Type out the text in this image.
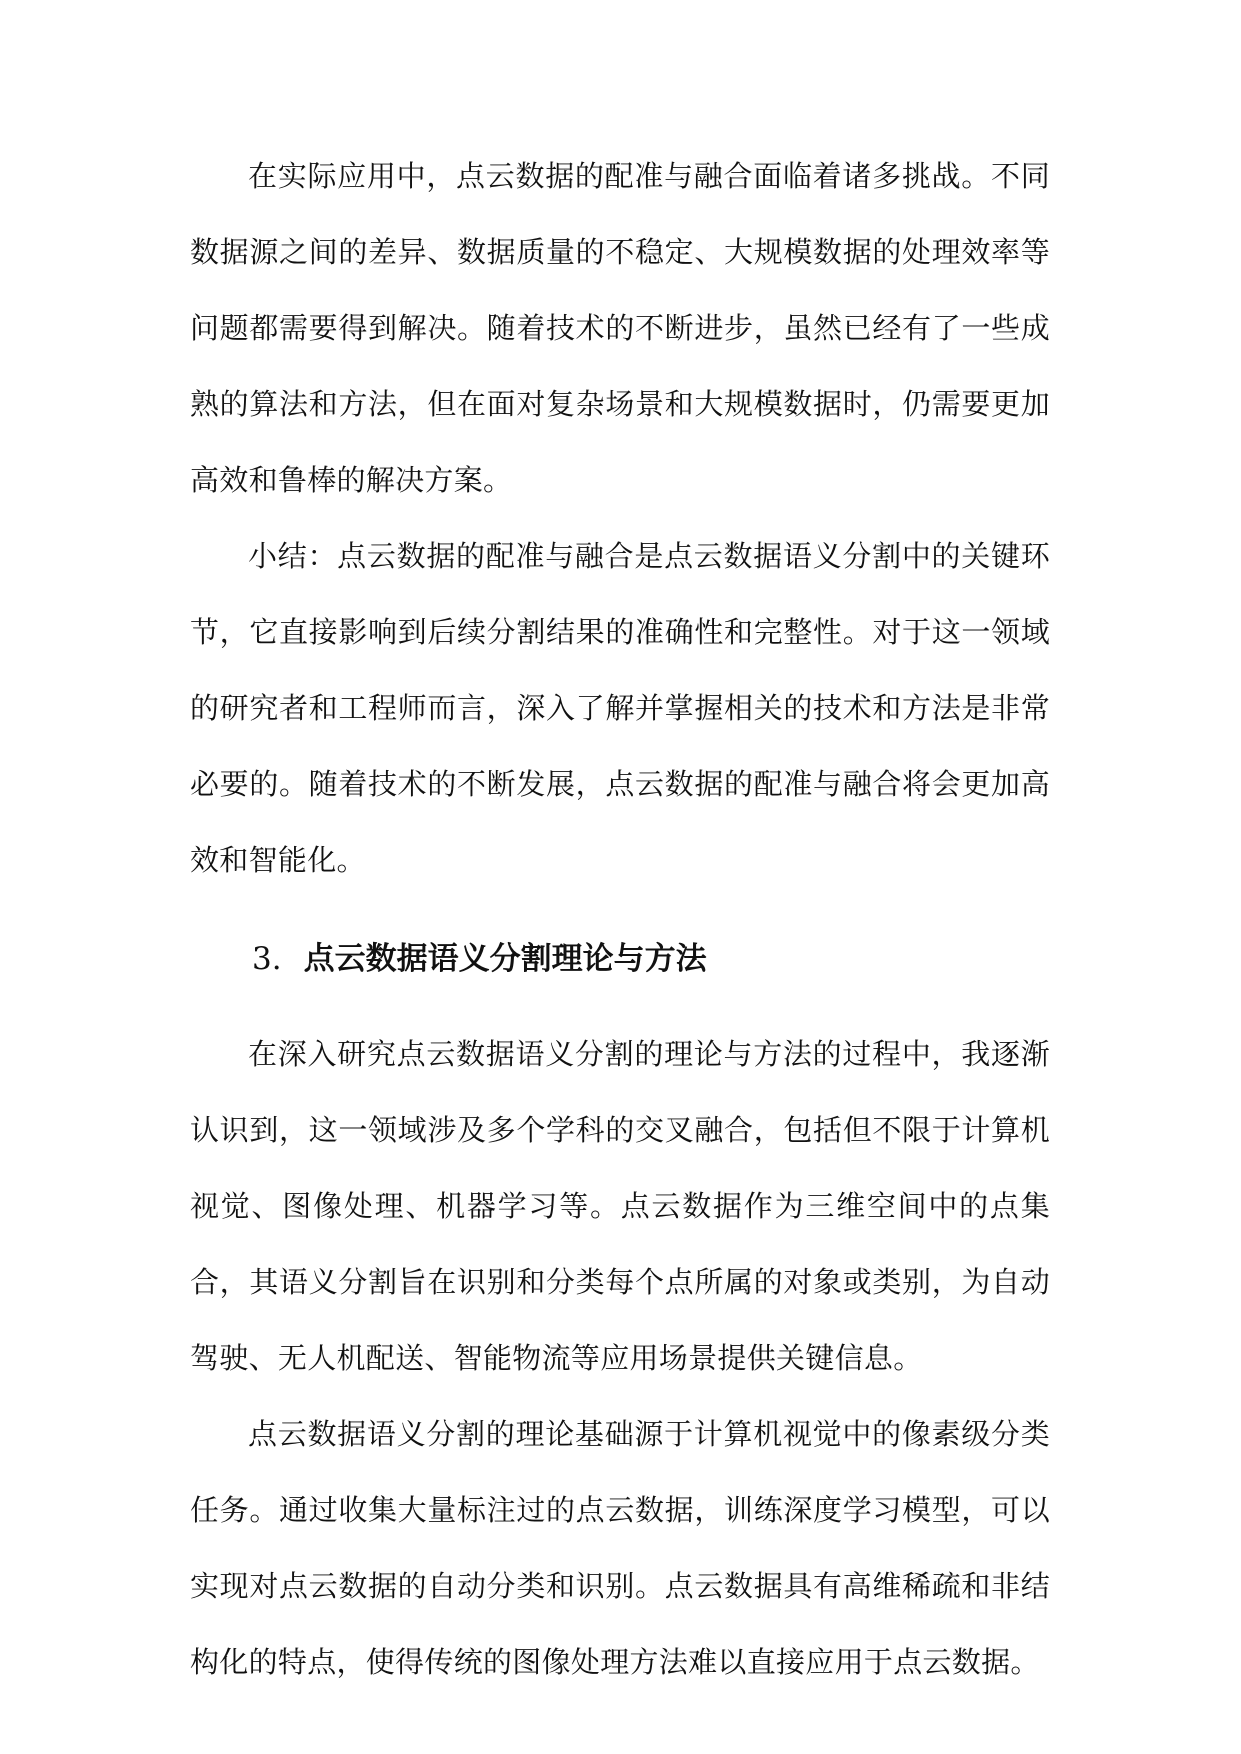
在实际应用中，点云数据的配准与融合面临着诸多挑战。不同数据源之间的差异、数据质量的不稳定、大规模数据的处理效率等问题都需要得到解决。随着技术的不断进步，虽然已经有了一些成熟的算法和方法，但在面对复杂场景和大规模数据时，仍需要更加高效和鲁棒的解决方案。

小结：点云数据的配准与融合是点云数据语义分割中的关键环节，它直接影响到后续分割结果的准确性和完整性。对于这一领域的研究者和工程师而言，深入了解并掌握相关的技术和方法是非常必要的。随着技术的不断发展，点云数据的配准与融合将会更加高效和智能化。

3. 点云数据语义分割理论与方法

在深入研究点云数据语义分割的理论与方法的过程中，我逐渐认识到，这一领域涉及多个学科的交叉融合，包括但不限于计算机视觉、图像处理、机器学习等。点云数据作为三维空间中的点集合，其语义分割旨在识别和分类每个点所属的对象或类别，为自动驾驶、无人机配送、智能物流等应用场景提供关键信息。

点云数据语义分割的理论基础源于计算机视觉中的像素级分类任务。通过收集大量标注过的点云数据，训练深度学习模型，可以实现对点云数据的自动分类和识别。点云数据具有高维稀疏和非结构化的特点，使得传统的图像处理方法难以直接应用于点云数据。
